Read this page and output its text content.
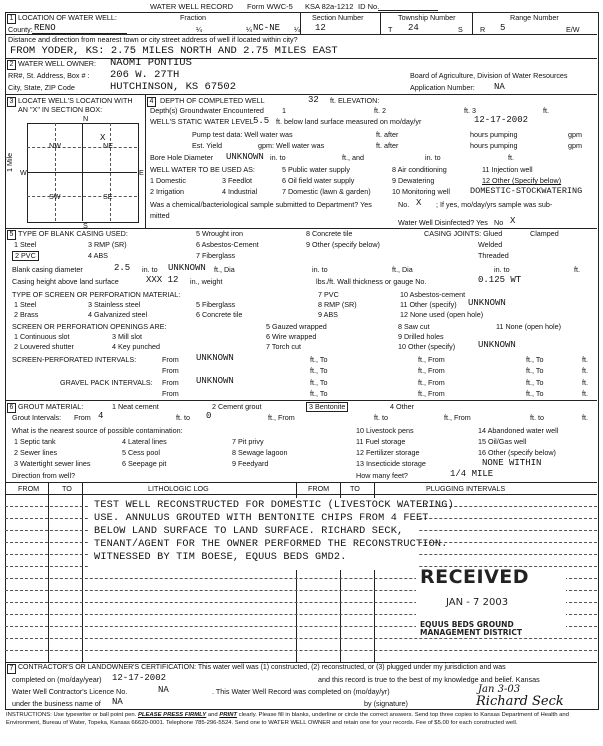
WATER WELL RECORD Form WWC-5 KSA 82a-1212 ID No.
1 LOCATION OF WATER WELL:	Fraction
County: RENO	¼	¼ NC-NE ¼
Section Number
12
Township Number
T 24	S
Range Number
R 5	E/W
Distance and direction from nearest town or city street address of well if located within city?
FROM YODER, KS: 2.75 MILES NORTH AND 2.75 MILES EAST
2 WATER WELL OWNER: NAOMI PONTIUS
RR#, St. Address, Box # : 206 W. 27TH
City, State, ZIP Code	HUTCHINSON, KS 67502
Board of Agriculture, Division of Water Resources
Application Number: NA
3 LOCATE WELL'S LOCATION WITH
AN "X" IN SECTION BOX:
N
NW	NE
SW	SE
W	E
S
X
1 Mile
4 DEPTH OF COMPLETED WELL	32 ft. ELEVATION:
Depth(s) Groundwater Encountered	1	ft. 2	ft. 3	ft.
WELL'S STATIC WATER LEVEL 5.5 ft. below land surface measured on mo/day/yr	12-17-2002
Pump test data: Well water was	ft. after	hours pumping	gpm
Est. Yield	gpm: Well water was	ft. after	hours pumping	gpm
Bore Hole Diameter UNKNOWN in. to	ft., and	in. to	ft.
WELL WATER TO BE USED AS:
1 Domestic
2 Irrigation
3 Feedlot
4 Industrial
5 Public water supply
6 Oil field water supply
7 Domestic (lawn & garden)
8 Air conditioning
9 Dewatering
10 Monitoring well
11 Injection well
12 Other (Specify below)
DOMESTIC-STOCKWATERING
Was a chemical/bacteriological sample submitted to Department? Yes	No. X ; If yes, mo/day/yrs sample was sub-
mitted
Water Well Disinfected? Yes No X
5 TYPE OF BLANK CASING USED:
1 Steel
2 PVC
3 RMP (SR)
4 ABS
5 Wrought iron
6 Asbestos-Cement
7 Fiberglass
8 Concrete tile
9 Other (specify below)
CASING JOINTS: Glued	Clamped
Welded
Threaded
Blank casing diameter	2.5 in. to UNKNOWN ft., Dia	in. to	ft., Dia	in. to	ft.
Casing height above land surface	XXX 12 in., weight	lbs./ft. Wall thickness or gauge No.	0.125 WT
TYPE OF SCREEN OR PERFORATION MATERIAL:
1 Steel
2 Brass
3 Stainless steel
4 Galvanized steel
5 Fiberglass
6 Concrete tile
7 PVC
8 RMP (SR)
9 ABS
10 Asbestos-cement
11 Other (specify) UNKNOWN
12 None used (open hole)
SCREEN OR PERFORATION OPENINGS ARE:
1 Continuous slot
2 Louvered shutter
3 Mill slot
4 Key punched
5 Gauzed wrapped
6 Wire wrapped
7 Torch cut
8 Saw cut
9 Drilled holes
10 Other (specify)	UNKNOWN
11 None (open hole)
SCREEN-PERFORATED INTERVALS:	From UNKNOWN	ft., To	ft., From	ft., To	ft.
From	ft., To	ft., From	ft., To	ft.
GRAVEL PACK INTERVALS: From UNKNOWN	ft., To	ft., From	ft., To	ft.
From	ft., To	ft., From	ft., To	ft.
6 GROUT MATERIAL:	1 Neat cement	2 Cement grout	3 Bentonite	4 Other
Grout Intervals: From 4	ft. to 0	ft., From	ft. to	ft., From	ft. to	ft.
What is the nearest source of possible contamination:
1 Septic tank
2 Sewer lines
3 Watertight sewer lines
4 Lateral lines
5 Cess pool
6 Seepage pit
7 Pit privy
8 Sewage lagoon
9 Feedyard
10 Livestock pens
11 Fuel storage
12 Fertilizer storage
13 Insecticide storage
14 Abandoned water well
15 Oil/Gas well
16 Other (specify below)
NONE WITHIN
Direction from well?	How many feet?	1/4 MILE
FROM	TO	LITHOLOGIC LOG	FROM	TO	PLUGGING INTERVALS
TEST WELL RECONSTRUCTED FOR DOMESTIC (LIVESTOCK WATERING)
USE. ANNULUS GROUTED WITH BENTONITE CHIPS FROM 4 FEET
BELOW LAND SURFACE TO LAND SURFACE. RICHARD SECK,
TENANT/AGENT FOR THE OWNER PERFORMED THE RECONSTRUCTION.
WITNESSED BY TIM BOESE, EQUUS BEDS GMD2.
RECEIVED
JAN - 7 2003
EQUUS BEDS GROUND
MANAGEMENT DISTRICT
7 CONTRACTOR'S OR LANDOWNER'S CERTIFICATION: This water well was (1) constructed, (2) reconstructed, or (3) plugged under my jurisdiction and was
completed on (mo/day/year) 12-17-2002	and this record is true to the best of my knowledge and belief. Kansas
Water Well Contractor's Licence No.	NA	. This Water Well Record was completed on (mo/day/yr)	Jan 3-03
under the business name of NA	by (signature)	Richard Seck
INSTRUCTIONS: Use typewriter or ball point pen. PLEASE PRESS FIRMLY and PRINT clearly. Please fill in blanks, underline or circle the correct answers. Send top three copies to Kansas Department of Health and
Environment, Bureau of Water, Topeka, Kansas 66620-0001. Telephone 785-296-5524. Send one to WATER WELL OWNER and retain one for your records. Fee of $5.00 for each constructed well.
